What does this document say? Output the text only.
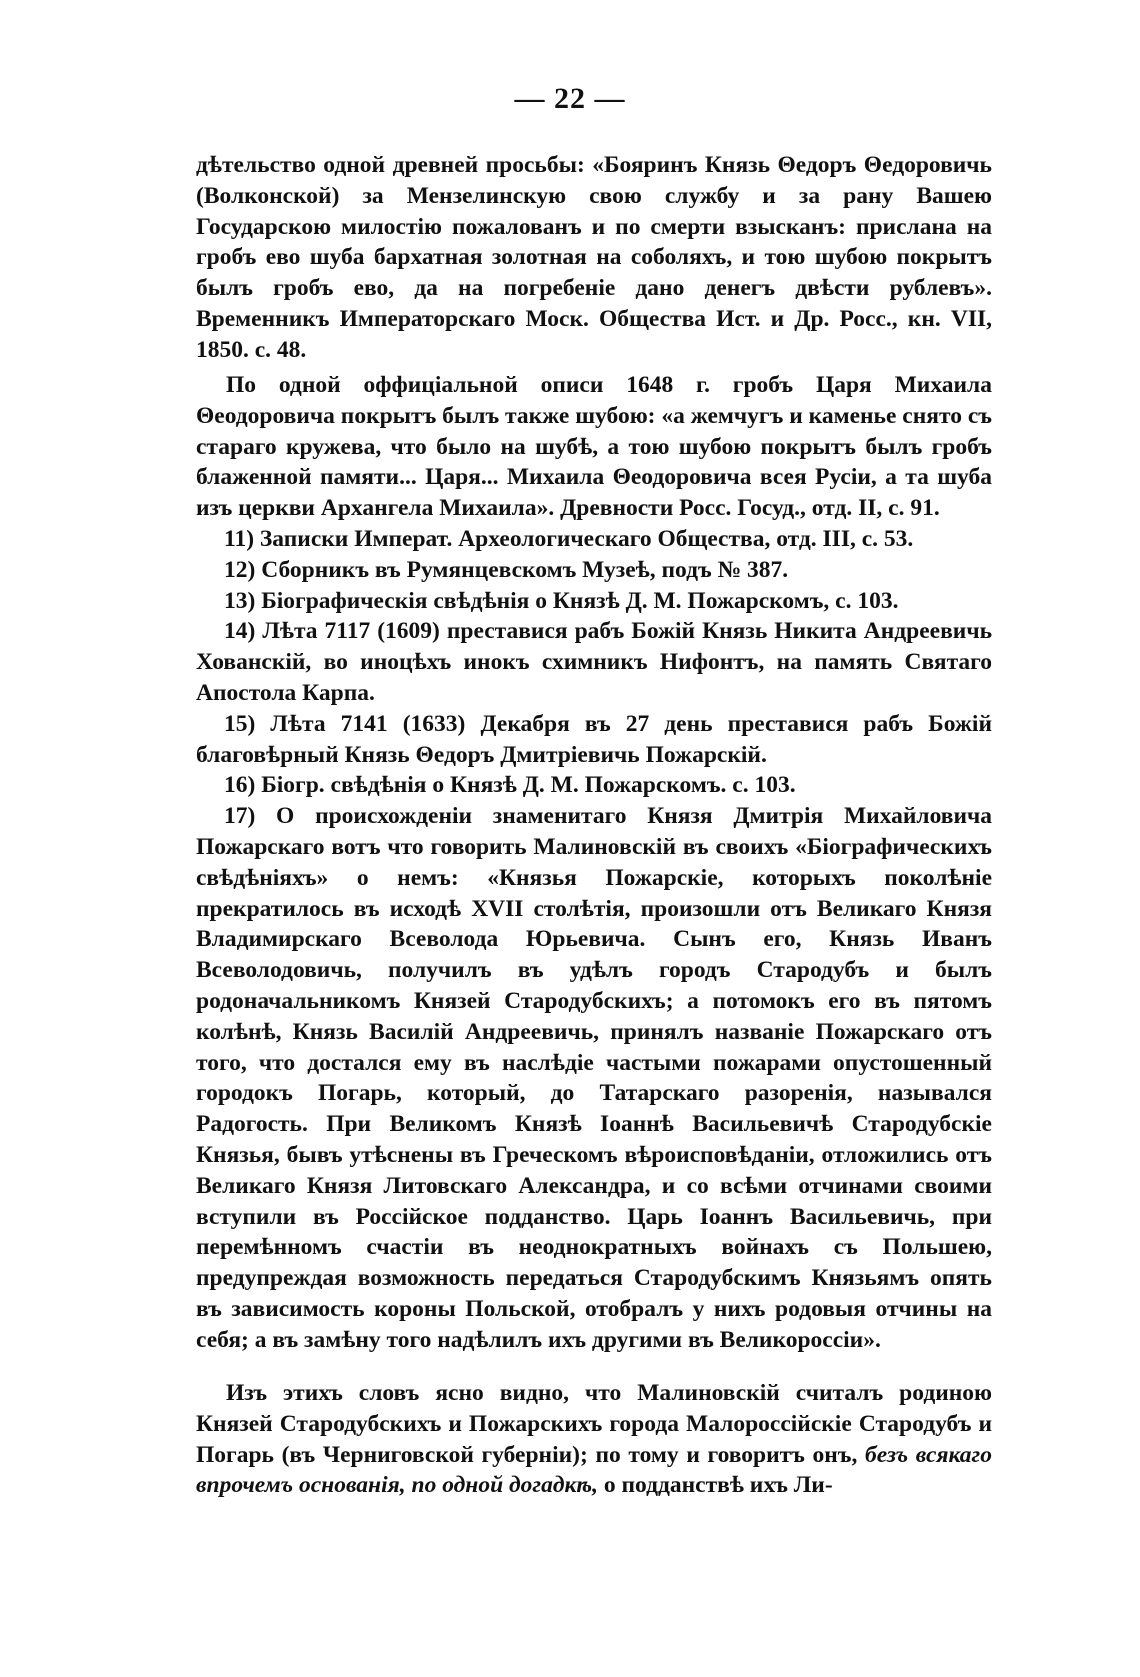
— 22 —

дѣтельство одной древней просьбы: «Бояринъ Князь Θедоръ Θедоровичь (Волконской) за Мензелинскую свою службу и за рану Вашею Государскою милостію пожалованъ и по смерти взысканъ: прислана на гробъ ево шуба бархатная золотная на соболяхъ, и тою шубою покрытъ былъ гробъ ево, да на погребеніе дано денегъ двѣсти рублевъ». Временникъ Императорскаго Моск. Общества Ист. и Др. Росс., кн. VII, 1850. с. 48.

По одной оффиціальной описи 1648 г. гробъ Царя Михаила Θеодоровича покрытъ былъ также шубою: «а жемчугъ и каменье снято съ стараго кружева, что было на шубѣ, а тою шубою покрытъ былъ гробъ блаженной памяти... Царя... Михаила Θеодоровича всея Русіи, а та шуба изъ церкви Архангела Михаила». Древности Росс. Госуд., отд. II, с. 91.

11) Записки Императ. Археологическаго Общества, отд. III, с. 53.

12) Сборникъ въ Румянцевскомъ Музеѣ, подъ № 387.

13) Біографическія свѣдѣнія о Князѣ Д. М. Пожарскомъ, с. 103.

14) Лѣта 7117 (1609) преставися рабъ Божій Князь Никита Андреевичь Хованскій, во иноцѣхъ инокъ схимникъ Нифонтъ, на память Святаго Апостола Карпа.

15) Лѣта 7141 (1633) Декабря въ 27 день преставися рабъ Божій благовѣрный Князь Θедоръ Дмитріевичь Пожарскій.

16) Біогр. свѣдѣнія о Князѣ Д. М. Пожарскомъ. с. 103.

17) О происхожденіи знаменитаго Князя Дмитрія Михайловича Пожарскаго вотъ что говорить Малиновскій въ своихъ «Біографическихъ свѣдѣніяхъ» о немъ: «Князья Пожарскіе, которыхъ поколѣніе прекратилось въ исходѣ XVII столѣтія, произошли отъ Великаго Князя Владимирскаго Всеволода Юрьевича. Сынъ его, Князь Иванъ Всеволодовичь, получилъ въ удѣлъ городъ Стародубъ и былъ родоначальникомъ Князей Стародубскихъ; а потомокъ его въ пятомъ колѣнѣ, Князь Василій Андреевичь, принялъ названіе Пожарскаго отъ того, что достался ему въ наслѣдіе частыми пожарами опустошенный городокъ Погарь, который, до Татарскаго разоренія, назывался Радогость. При Великомъ Князѣ Іоаннѣ Васильевичѣ Стародубскіе Князья, бывъ утѣснены въ Греческомъ вѣроисповѣданіи, отложились отъ Великаго Князя Литовскаго Александра, и со всѣми отчинами своими вступили въ Россійское подданство. Царь Іоаннъ Васильевичь, при перемѣнномъ счастіи въ неоднократныхъ войнахъ съ Польшею, предупреждая возможность передаться Стародубскимъ Князьямъ опять въ зависимость короны Польской, отобралъ у нихъ родовыя отчины на себя; а въ замѣну того надѣлилъ ихъ другими въ Великороссіи».

Изъ этихъ словъ ясно видно, что Малиновскій считалъ родиною Князей Стародубскихъ и Пожарскихъ города Малороссійскіе Стародубъ и Погарь (въ Черниговской губерніи); по тому и говоритъ онъ, безъ всякаго впрочемъ основанія, по одной догадкѣ, о подданствѣ ихъ Ли-
